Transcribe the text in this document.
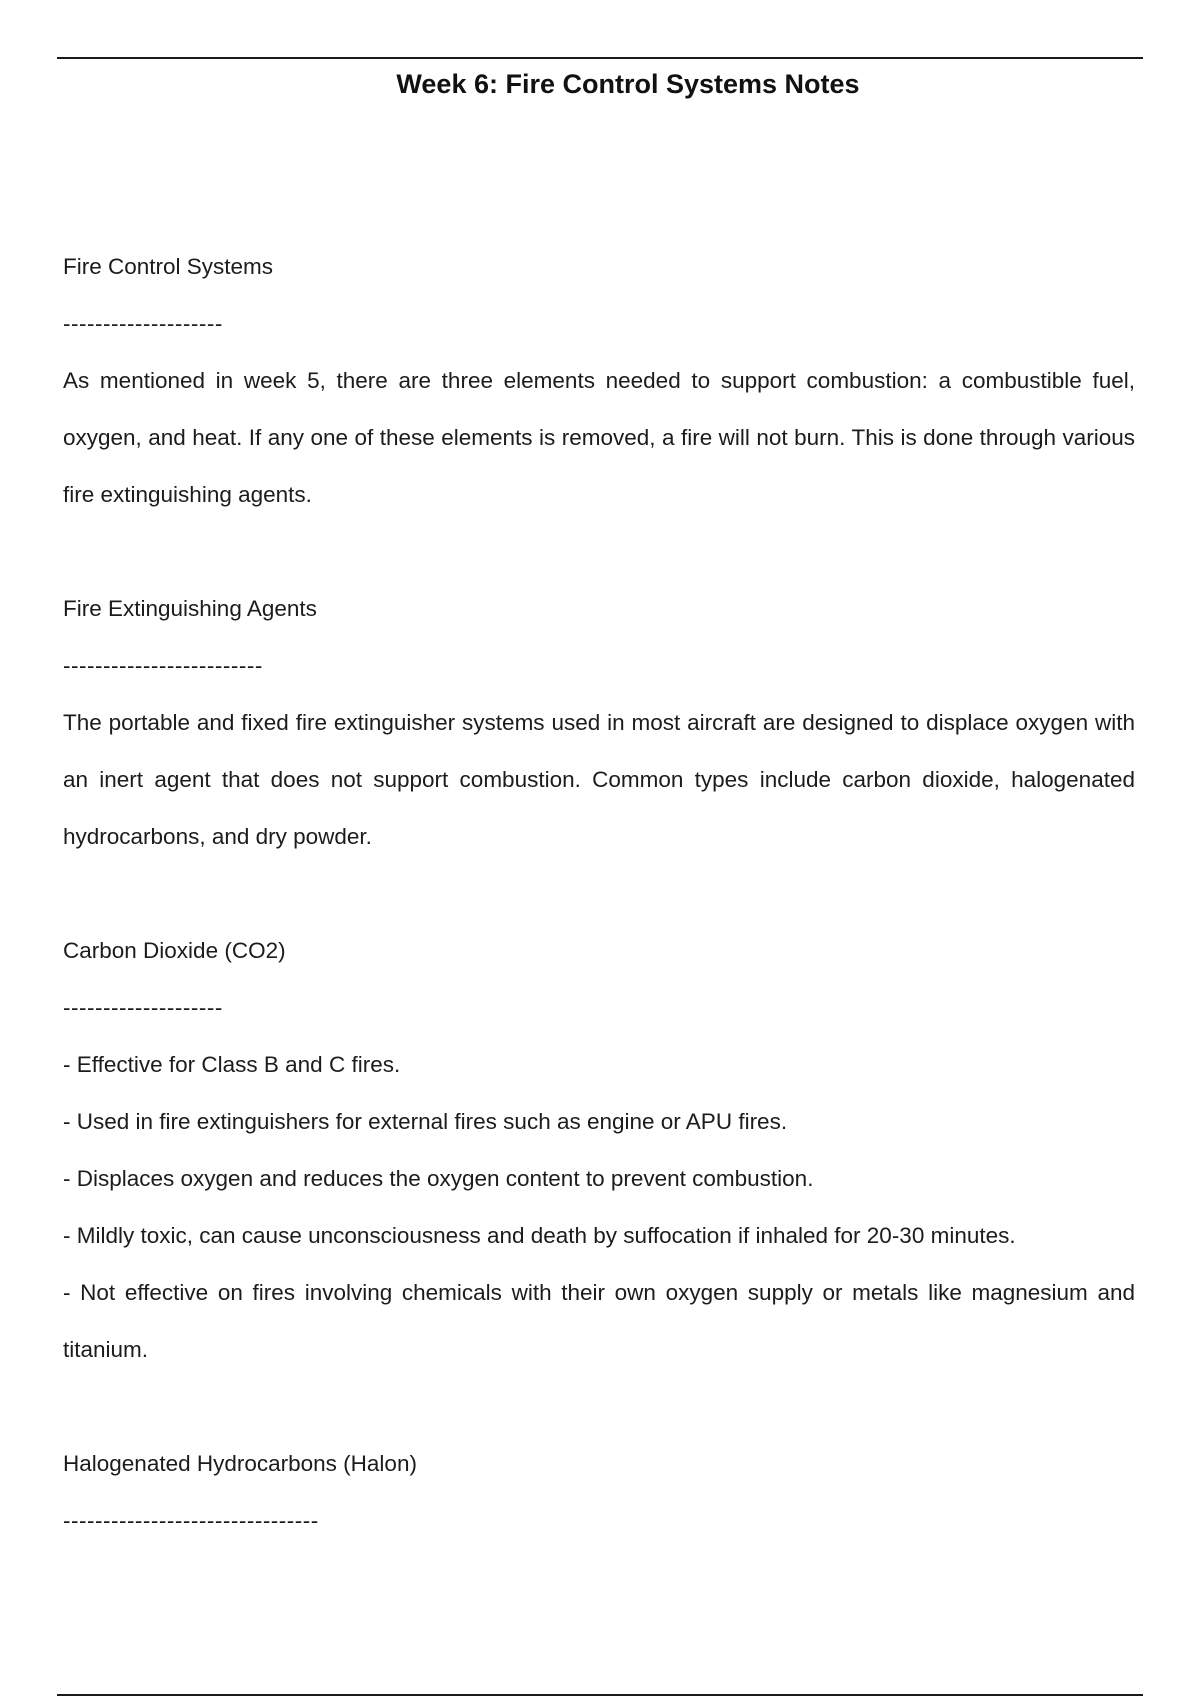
Week 6: Fire Control Systems Notes

Fire Control Systems

--------------------

As mentioned in week 5, there are three elements needed to support combustion: a combustible fuel, oxygen, and heat. If any one of these elements is removed, a fire will not burn. This is done through various fire extinguishing agents.

Fire Extinguishing Agents

-------------------------

The portable and fixed fire extinguisher systems used in most aircraft are designed to displace oxygen with an inert agent that does not support combustion. Common types include carbon dioxide, halogenated hydrocarbons, and dry powder.

Carbon Dioxide (CO2)

--------------------

- Effective for Class B and C fires.

- Used in fire extinguishers for external fires such as engine or APU fires.

- Displaces oxygen and reduces the oxygen content to prevent combustion.

- Mildly toxic, can cause unconsciousness and death by suffocation if inhaled for 20-30 minutes.

- Not effective on fires involving chemicals with their own oxygen supply or metals like magnesium and titanium.

Halogenated Hydrocarbons (Halon)

--------------------------------
